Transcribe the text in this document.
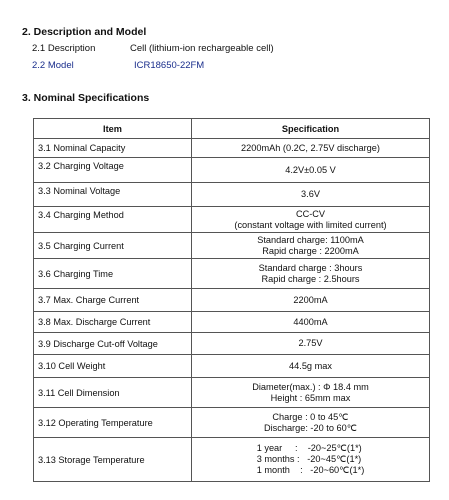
2. Description and Model
2.1 Description	Cell (lithium-ion rechargeable cell)
2.2 Model	ICR18650-22FM
3. Nominal Specifications
Item	Specification
3.1 Nominal Capacity	2200mAh (0.2C, 2.75V discharge)

3.2 Charging Voltage	4.2V±0.05 V

3.3 Nominal Voltage	3.6V

3.4 Charging Method	CC-CV
(constant voltage with limited current)

3.5 Charging Current	Standard charge: 1100mA
Rapid charge : 2200mA

3.6 Charging Time	Standard charge : 3hours
Rapid charge : 2.5hours

3.7 Max. Charge Current	2200mA

3.8 Max. Discharge Current	4400mA

3.9 Discharge Cut-off Voltage	2.75V

3.10 Cell Weight	44.5g max

3.11 Cell Dimension	Diameter(max.) : Φ 18.4 mm
Height : 65mm max

3.12 Operating Temperature	Charge : 0 to 45℃
Discharge: -20 to 60℃

3.13 Storage Temperature	1 year     :    -20~25℃(1*)
3 months :   -20~45℃(1*)
1 month    :   -20~60℃(1*)
